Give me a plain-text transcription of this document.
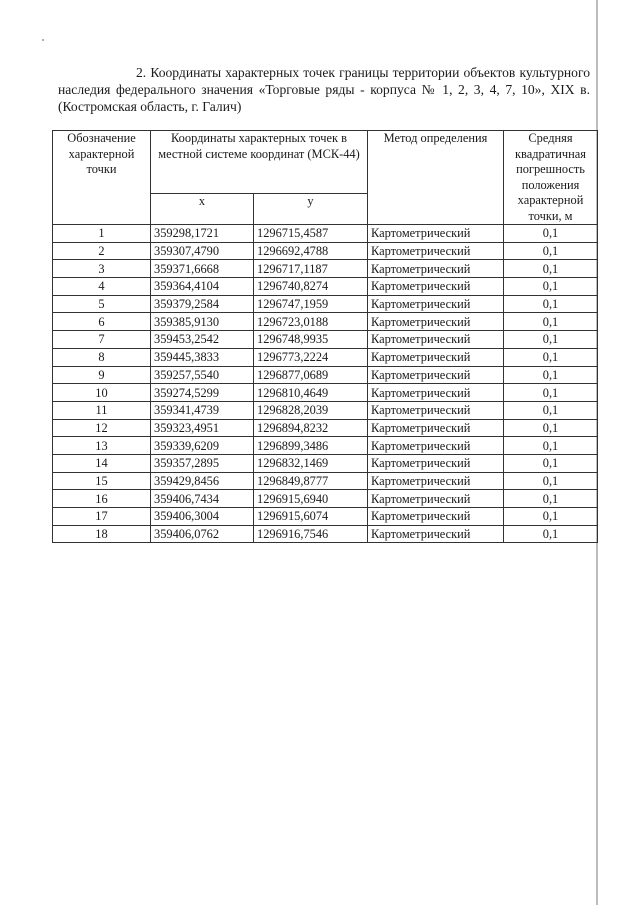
2. Координаты характерных точек границы территории объектов культурного наследия федерального значения «Торговые ряды - корпуса № 1, 2, 3, 4, 7, 10», XIX в. (Костромская область, г. Галич)

Обозначение характерной точки	Координаты характерных точек в местной системе координат (МСК-44)		Метод определения	Средняя квадратичная погрешность положения характерной точки, м
	x	у		
1	359298,1721	1296715,4587	Картометрический	0,1
2	359307,4790	1296692,4788	Картометрический	0,1
3	359371,6668	1296717,1187	Картометрический	0,1
4	359364,4104	1296740,8274	Картометрический	0,1
5	359379,2584	1296747,1959	Картометрический	0,1
6	359385,9130	1296723,0188	Картометрический	0,1
7	359453,2542	1296748,9935	Картометрический	0,1
8	359445,3833	1296773,2224	Картометрический	0,1
9	359257,5540	1296877,0689	Картометрический	0,1
10	359274,5299	1296810,4649	Картометрический	0,1
11	359341,4739	1296828,2039	Картометрический	0,1
12	359323,4951	1296894,8232	Картометрический	0,1
13	359339,6209	1296899,3486	Картометрический	0,1
14	359357,2895	1296832,1469	Картометрический	0,1
15	359429,8456	1296849,8777	Картометрический	0,1
16	359406,7434	1296915,6940	Картометрический	0,1
17	359406,3004	1296915,6074	Картометрический	0,1
18	359406,0762	1296916,7546	Картометрический	0,1
